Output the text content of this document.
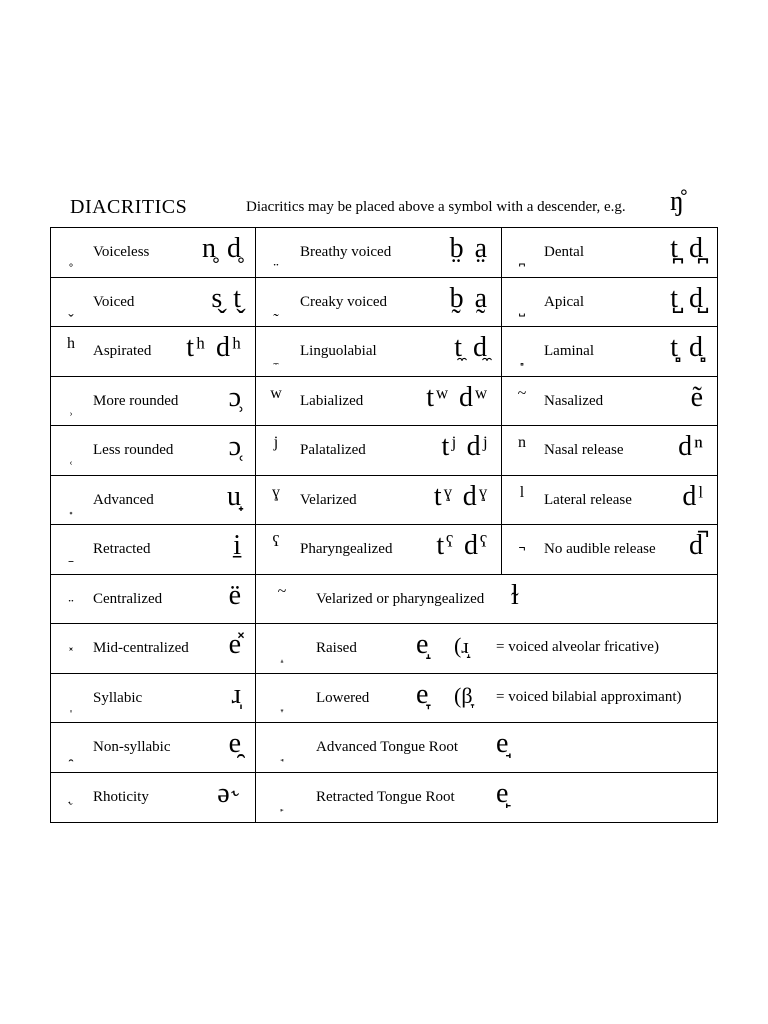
DIACRITICS	Diacritics may be placed above a symbol with a descender, e.g. ŋ̊
Voiceless n̥ d̥	Breathy voiced b̤ a̤	Dental	t̪ d̪
Voiced	s̬ t̬	Creaky voiced b̰ a̰	Apical	t̺ d̺
h	Aspirated tʰ dʰ	Linguolabial	t̼ d̼	Laminal	t̻ d̻
More rounded ɔ̹	w	Labialized tʷ dʷ	~	Nasalized	ẽ
Less rounded ɔ̜	j	Palatalized	tʲ dʲ	n	Nasal release dⁿ
Advanced	u̟	ɣ	Velarized	tˠ dˠ	l	Lateral release dˡ
Retracted	i̠	ʕ	Pharyngealized tˤ dˤ	No audible release d̚
Centralized ë	~	Velarized or pharyngealized ɫ
Mid-centralized e̽	Raised e̝ (ɹ̝ = voiced alveolar fricative)
Syllabic	ɹ̩	Lowered e̞ (β̞ = voiced bilabial approximant)
Non-syllabic e̯	Advanced Tongue Root e̘
˞	Rhoticity ə˞	Retracted Tongue Root e̙
